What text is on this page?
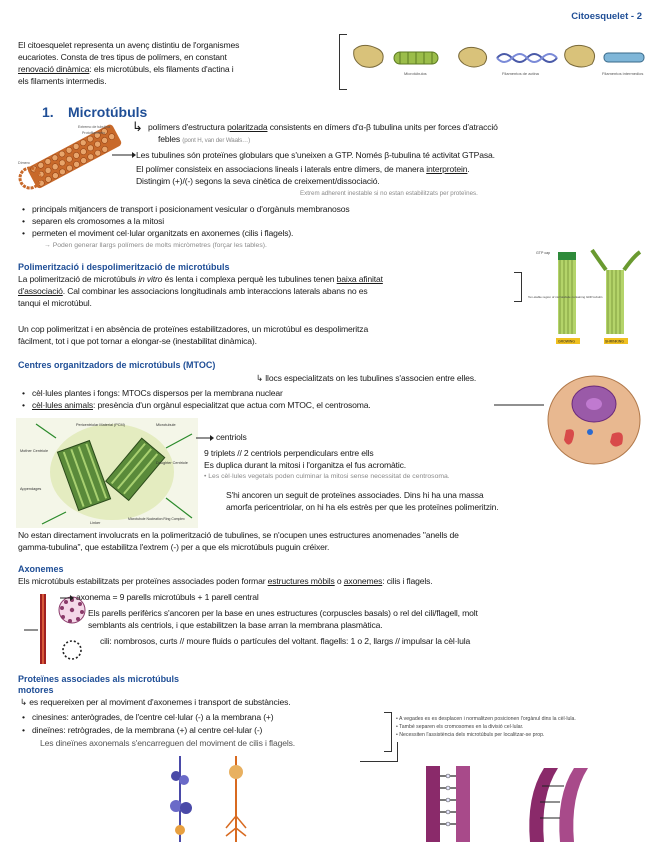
Citoesquelet - 2
El citoesquelet representa un avenç distintiu de l'organismes
eucariotes. Consta de tres tipus de polímers, en constant
renovació dinàmica: els microtúbuls, els filaments d'actina i
els filaments intermedis.
Microtúbulos	Filamentos de actina	Filamentos intermedios
1. Microtúbuls
Extremo de tubulina
Protofilamento
Dímero
↳ polímers d'estructura polaritzada consistents en dímers d'α-β tubulina units per forces d'atracció
febles (pont H, van der Waals…)
Les tubulines són proteïnes globulars que s'uneixen a GTP. Només β-tubulina té activitat GTPasa.
El polímer consisteix en associacions lineals i laterals entre dímers, de manera interprotein.
Distingim (+)/(-) segons la seva cinètica de creixement/dissociació.
Extrem adherent inestable si no estan estabilitzats per proteïnes.
• principals mitjancers de transport i posicionament vesicular o d'orgànuls membranosos
• separen els cromosomes a la mitosi
• permeten el moviment cel·lular organitzats en axonemes (cilis i flagels).
→ Poden generar llargs polímers de molts micròmetres (forçar les tables).
Polimerització i despolimerització de microtúbuls
La polimerització de microtúbuls in vitro és lenta i complexa perquè les tubulines tenen baixa afinitat
d'associació. Cal combinar les associacions longitudinals amb interaccions laterals abans no es
tanqui el microtúbul.
Un cop polimeritzat i en absència de proteïnes estabilitzadores, un microtúbul es despolimeritza
fàcilment, tot i que pot tornar a elongar-se (inestabilitat dinàmica).
GTP cap
Ten-stable region of microtubule containing GDP-tubulin
GROWING	SHRINKING
Centres organitzadors de microtúbuls (MTOC)
↳ llocs especialitzats on les tubulines s'associen entre elles.
• cèl·lules plantes i fongs: MTOCs dispersos per la membrana nuclear
• cèl·lules animals: presència d'un orgànul especialitzat que actua com MTOC, el centrosoma.
Pericentriolar Material (PCM)	Microtubule
Mother Centriole
Daughter Centriole
Linker
Microtubule Nucleation Ring Complex
Appendages
centriols
9 triplets // 2 centriols perpendiculars entre ells
Es duplica durant la mitosi i l'organitza el fus acromàtic.
• Les cèl·lules vegetals poden culminar la mitosi sense necessitat de centrosoma.
S'hi ancoren un seguit de proteïnes associades. Dins hi ha una massa
amorfa pericentriolar, on hi ha els estrès per que les proteïnes polimeritzin.
No estan directament involucrats en la polimerització de tubulines, se n'ocupen unes estructures anomenades "anells de
gamma-tubulina", que estabilitza l'extrem (-) per a que els microtúbuls puguin créixer.
Axonemes
Els microtúbuls estabilitzats per proteïnes associades poden formar estructures mòbils o axonemes: cilis i flagels.
axonema = 9 parells microtúbuls + 1 parell central
Els parells perifèrics s'ancoren per la base en unes estructures (corpuscles basals) o rel del cili/flagell, molt
semblants als centriols, i que estabilitzen la base arran la membrana plasmàtica.
cili: nombrosos, curts // moure fluids o partícules del voltant. flagells: 1 o 2, llargs // impulsar la cèl·lula
Proteïnes associades als microtúbuls
motores
↳ es requereixen per al moviment d'axonemes i transport de substàncies.
• cinesines: anterògrades, de l'centre cel·lular (-) a la membrana (+)
• dineïnes: retrògrades, de la membrana (+) al centre cel·lular (-)
Les dineïnes axonemals s'encarreguen del moviment de cilis i flagels.
• A vegades es es desplacen i normalitzen posicionen l'orgànul dins la cèl·lula.
• També separen els cromosomes en la divisió cel·lular.
• Necessiten l'assistència dels microtúbuls per localitzar-se prop.
